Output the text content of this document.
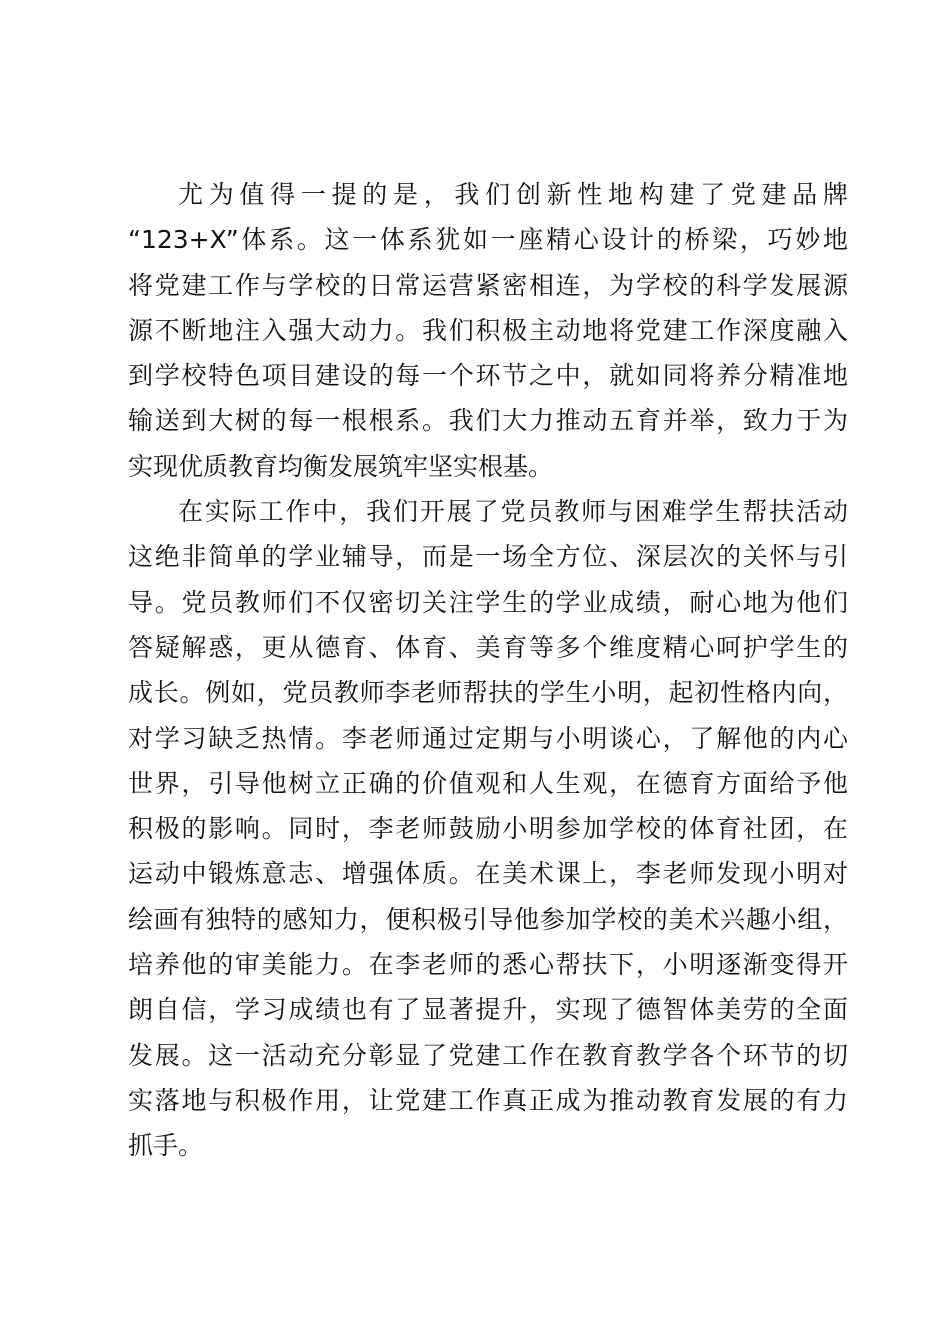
尤为值得一提的是，我们创新性地构建了党建品牌
“123+X”体系。这一体系犹如一座精心设计的桥梁，巧妙地
将党建工作与学校的日常运营紧密相连，为学校的科学发展源
源不断地注入强大动力。我们积极主动地将党建工作深度融入
到学校特色项目建设的每一个环节之中，就如同将养分精准地
输送到大树的每一根根系。我们大力推动五育并举，致力于为
实现优质教育均衡发展筑牢坚实根基。
在实际工作中，我们开展了党员教师与困难学生帮扶活动
这绝非简单的学业辅导，而是一场全方位、深层次的关怀与引
导。党员教师们不仅密切关注学生的学业成绩，耐心地为他们
答疑解惑，更从德育、体育、美育等多个维度精心呵护学生的
成长。例如，党员教师李老师帮扶的学生小明，起初性格内向，
对学习缺乏热情。李老师通过定期与小明谈心，了解他的内心
世界，引导他树立正确的价值观和人生观，在德育方面给予他
积极的影响。同时，李老师鼓励小明参加学校的体育社团，在
运动中锻炼意志、增强体质。在美术课上，李老师发现小明对
绘画有独特的感知力，便积极引导他参加学校的美术兴趣小组，
培养他的审美能力。在李老师的悉心帮扶下，小明逐渐变得开
朗自信，学习成绩也有了显著提升，实现了德智体美劳的全面
发展。这一活动充分彰显了党建工作在教育教学各个环节的切
实落地与积极作用，让党建工作真正成为推动教育发展的有力
抓手。
